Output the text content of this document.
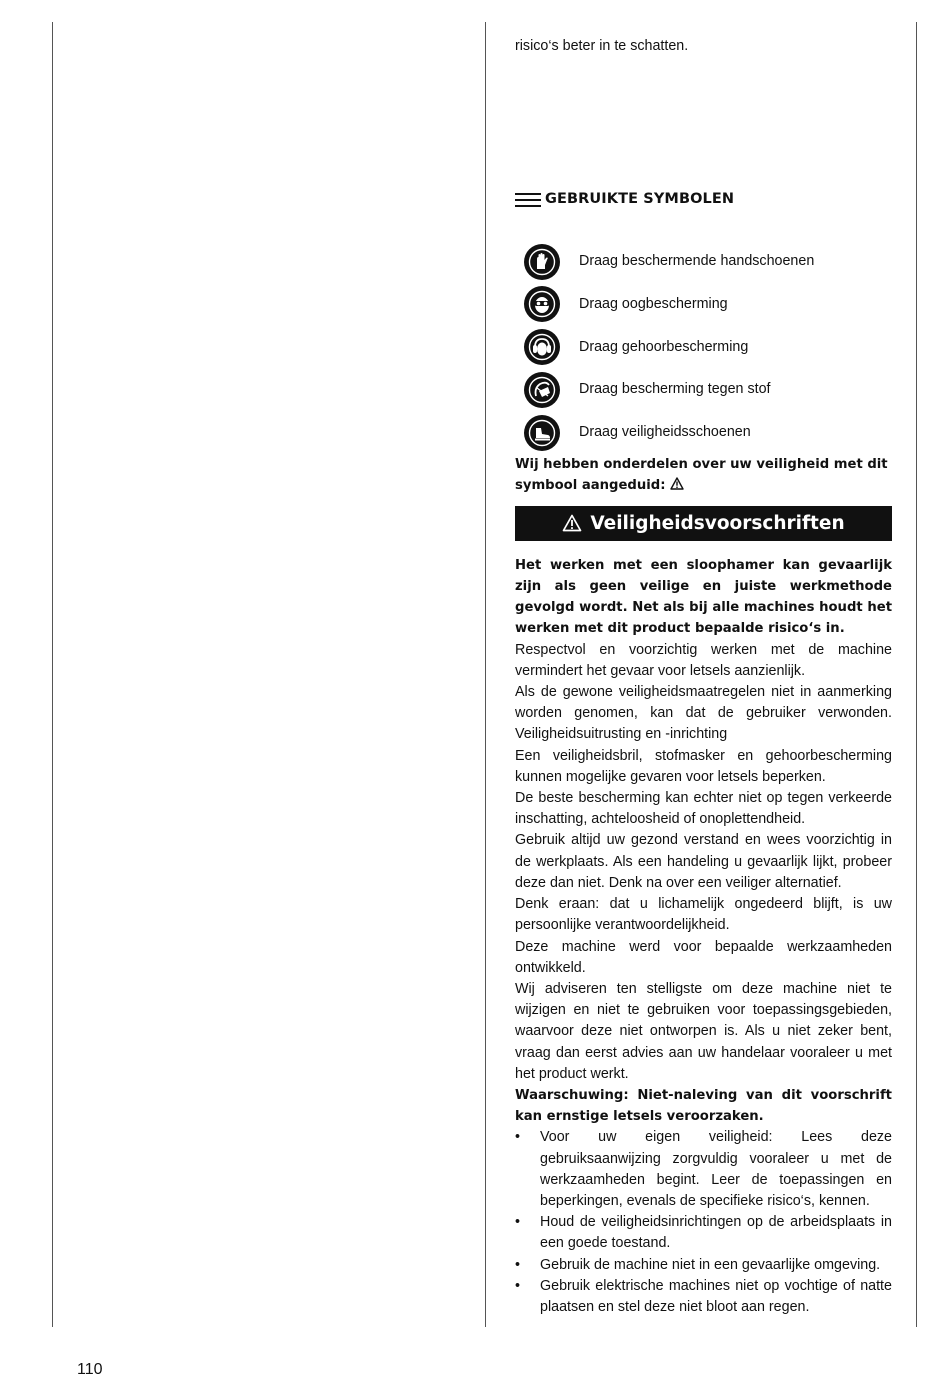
risico‘s beter in te schatten.

GEBRUIKTE SYMBOLEN
Draag beschermende handschoenen
Draag oogbescherming
Draag gehoorbescherming
Draag bescherming tegen stof
Draag veiligheidsschoenen

Wij hebben onderdelen over uw veiligheid met dit symbool aangeduid:

Veiligheidsvoorschriften

Het werken met een sloophamer kan gevaarlijk zijn als geen veilige en juiste werkmethode gevolgd wordt. Net als bij alle machines houdt het werken met dit product bepaalde risico‘s in.

Respectvol en voorzichtig werken met de machine vermindert het gevaar voor letsels aanzienlijk.

Als de gewone veiligheidsmaatregelen niet in aanmerking worden genomen, kan dat de gebruiker verwonden. Veiligheidsuitrusting en -inrichting

Een veiligheidsbril, stofmasker en gehoorbescherming kunnen mogelijke gevaren voor letsels beperken.

De beste bescherming kan echter niet op tegen verkeerde inschatting, achteloosheid of onoplettendheid.

Gebruik altijd uw gezond verstand en wees voorzichtig in de werkplaats. Als een handeling u gevaarlijk lijkt, probeer deze dan niet. Denk na over een veiliger alternatief.

Denk eraan: dat u lichamelijk ongedeerd blijft, is uw persoonlijke verantwoordelijkheid.

Deze machine werd voor bepaalde werkzaamheden ontwikkeld.

Wij adviseren ten stelligste om deze machine niet te wijzigen en niet te gebruiken voor toepassingsgebieden, waarvoor deze niet ontworpen is. Als u niet zeker bent, vraag dan eerst advies aan uw handelaar vooraleer u met het product werkt.

Waarschuwing: Niet-naleving van dit voorschrift kan ernstige letsels veroorzaken.

• Voor uw eigen veiligheid: Lees deze gebruiksaanwijzing zorgvuldig vooraleer u met de werkzaamheden begint. Leer de toepassingen en beperkingen, evenals de specifieke risico‘s, kennen.
• Houd de veiligheidsinrichtingen op de arbeidsplaats in een goede toestand.
• Gebruik de machine niet in een gevaarlijke omgeving.
• Gebruik elektrische machines niet op vochtige of natte plaatsen en stel deze niet bloot aan regen.
110
